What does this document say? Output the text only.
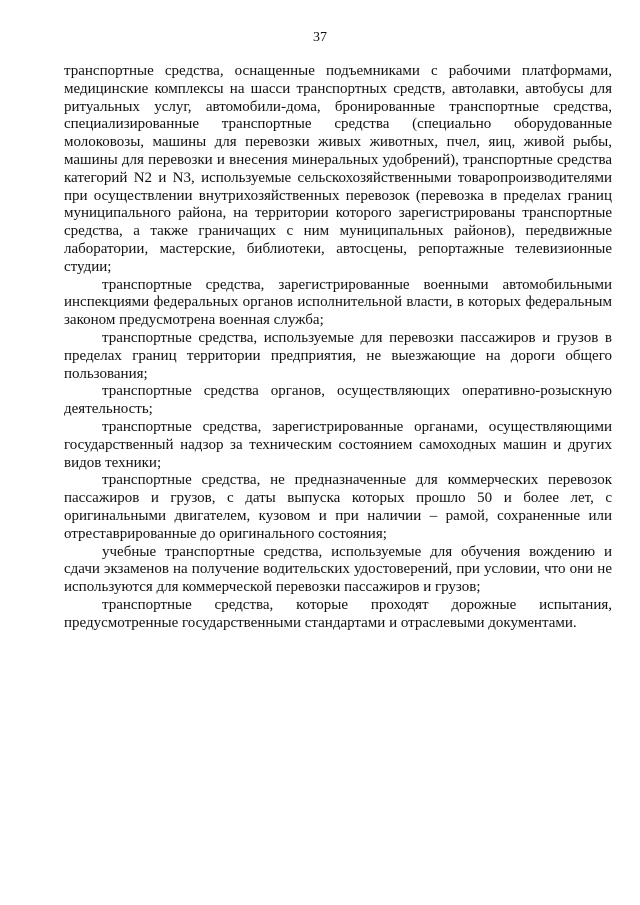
37

транспортные средства, оснащенные подъемниками с рабочими платформами, медицинские комплексы на шасси транспортных средств, автолавки, автобусы для ритуальных услуг, автомобили-дома, бронированные транспортные средства, специализированные транспортные средства (специально оборудованные молоковозы, машины для перевозки живых животных, пчел, яиц, живой рыбы, машины для перевозки и внесения минеральных удобрений), транспортные средства категорий N2 и N3, используемые сельскохозяйственными товаропроизводителями при осуществлении внутрихозяйственных перевозок (перевозка в пределах границ муниципального района, на территории которого зарегистрированы транспортные средства, а также граничащих с ним муниципальных районов), передвижные лаборатории, мастерские, библиотеки, автосцены, репортажные телевизионные студии;

транспортные средства, зарегистрированные военными автомобильными инспекциями федеральных органов исполнительной власти, в которых федеральным законом предусмотрена военная служба;

транспортные средства, используемые для перевозки пассажиров и грузов в пределах границ территории предприятия, не выезжающие на дороги общего пользования;

транспортные средства органов, осуществляющих оперативно-розыскную деятельность;

транспортные средства, зарегистрированные органами, осуществляющими государственный надзор за техническим состоянием самоходных машин и других видов техники;

транспортные средства, не предназначенные для коммерческих перевозок пассажиров и грузов, с даты выпуска которых прошло 50 и более лет, с оригинальными двигателем, кузовом и при наличии – рамой, сохраненные или отреставрированные до оригинального состояния;

учебные транспортные средства, используемые для обучения вождению и сдачи экзаменов на получение водительских удостоверений, при условии, что они не используются для коммерческой перевозки пассажиров и грузов;

транспортные средства, которые проходят дорожные испытания, предусмотренные государственными стандартами и отраслевыми документами.
